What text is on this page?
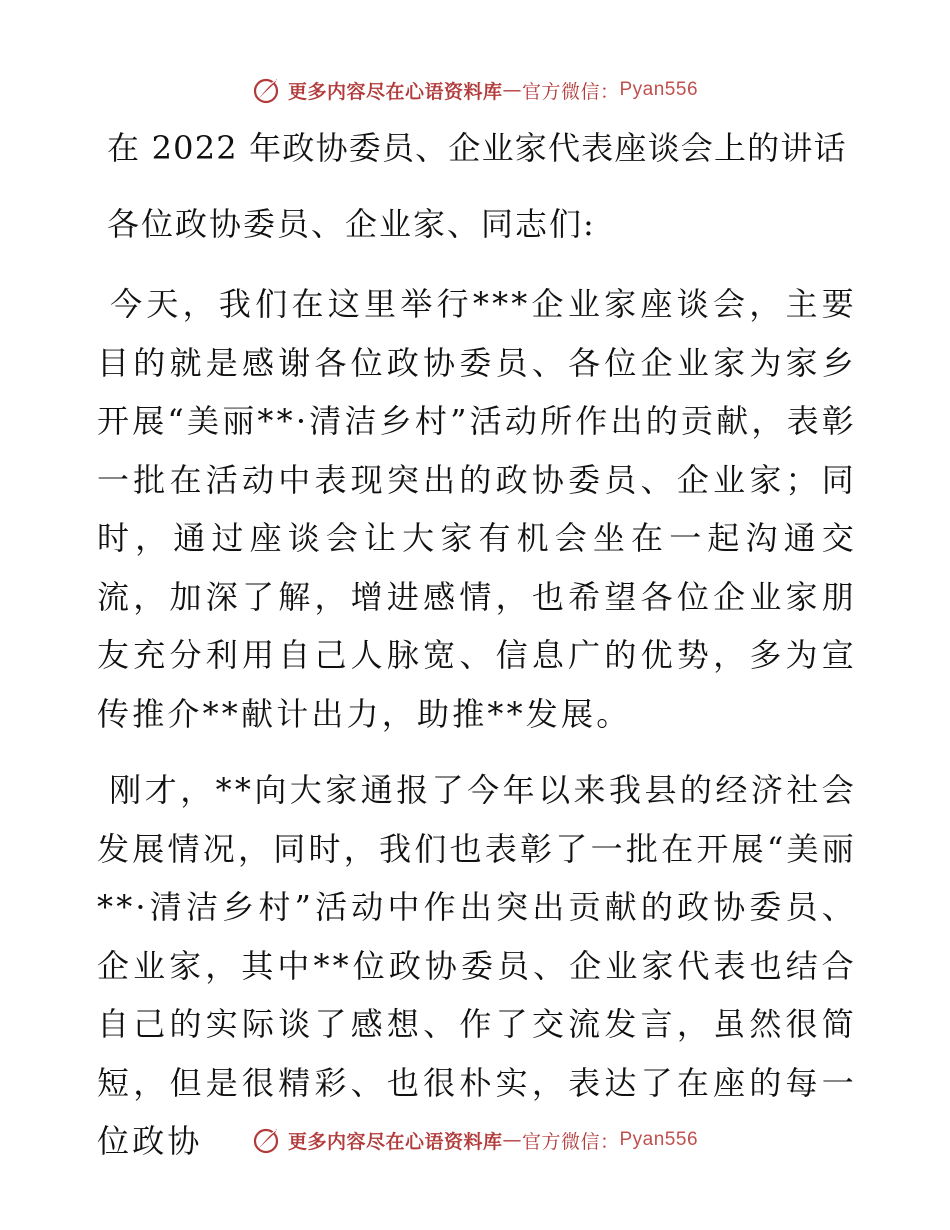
更多内容尽在心语资料库 — 官方微信： Pyan556
在 2022 年政协委员、企业家代表座谈会上的讲话
各位政协委员、企业家、同志们:
今天，我们在这里举行***企业家座谈会，主要目的就是感谢各位政协委员、各位企业家为家乡开展“美丽**·清洁乡村”活动所作出的贡献，表彰一批在活动中表现突出的政协委员、企业家；同时，通过座谈会让大家有机会坐在一起沟通交流，加深了解，增进感情，也希望各位企业家朋友充分利用自己人脉宽、信息广的优势，多为宣传推介**献计出力，助推**发展。
刚才，**向大家通报了今年以来我县的经济社会发展情况，同时，我们也表彰了一批在开展“美丽**·清洁乡村”活动中作出突出贡献的政协委员、企业家，其中**位政协委员、企业家代表也结合自己的实际谈了感想、作了交流发言，虽然很简短，但是很精彩、也很朴实，表达了在座的每一位政协	更多内容尽在心语资料库 — 官方微信： Pyan556
